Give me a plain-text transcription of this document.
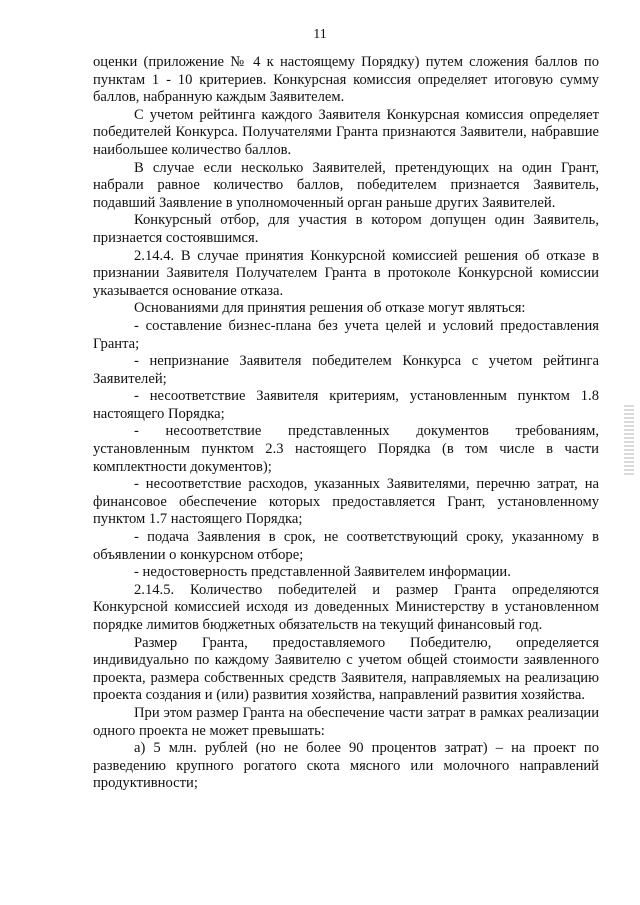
11

оценки (приложение № 4 к настоящему Порядку) путем сложения баллов по пунктам 1 - 10 критериев. Конкурсная комиссия определяет итоговую сумму баллов, набранную каждым Заявителем.

С учетом рейтинга каждого Заявителя Конкурсная комиссия определяет победителей Конкурса. Получателями Гранта признаются Заявители, набравшие наибольшее количество баллов.

В случае если несколько Заявителей, претендующих на один Грант, набрали равное количество баллов, победителем признается Заявитель, подавший Заявление в уполномоченный орган раньше других Заявителей.

Конкурсный отбор, для участия в котором допущен один Заявитель, признается состоявшимся.

2.14.4. В случае принятия Конкурсной комиссией решения об отказе в признании Заявителя Получателем Гранта в протоколе Конкурсной комиссии указывается основание отказа.

Основаниями для принятия решения об отказе могут являться:

- составление бизнес-плана без учета целей и условий предоставления Гранта;

- непризнание Заявителя победителем Конкурса с учетом рейтинга Заявителей;

- несоответствие Заявителя критериям, установленным пунктом 1.8 настоящего Порядка;

- несоответствие представленных документов требованиям, установленным пунктом 2.3 настоящего Порядка (в том числе в части комплектности документов);

- несоответствие расходов, указанных Заявителями, перечню затрат, на финансовое обеспечение которых предоставляется Грант, установленному пунктом 1.7 настоящего Порядка;

- подача Заявления в срок, не соответствующий сроку, указанному в объявлении о конкурсном отборе;

- недостоверность представленной Заявителем информации.

2.14.5. Количество победителей и размер Гранта определяются Конкурсной комиссией исходя из доведенных Министерству в установленном порядке лимитов бюджетных обязательств на текущий финансовый год.

Размер Гранта, предоставляемого Победителю, определяется индивидуально по каждому Заявителю с учетом общей стоимости заявленного проекта, размера собственных средств Заявителя, направляемых на реализацию проекта создания и (или) развития хозяйства, направлений развития хозяйства.

При этом размер Гранта на обеспечение части затрат в рамках реализации одного проекта не может превышать:

а) 5 млн. рублей (но не более 90 процентов затрат) – на проект по разведению крупного рогатого скота мясного или молочного направлений продуктивности;
